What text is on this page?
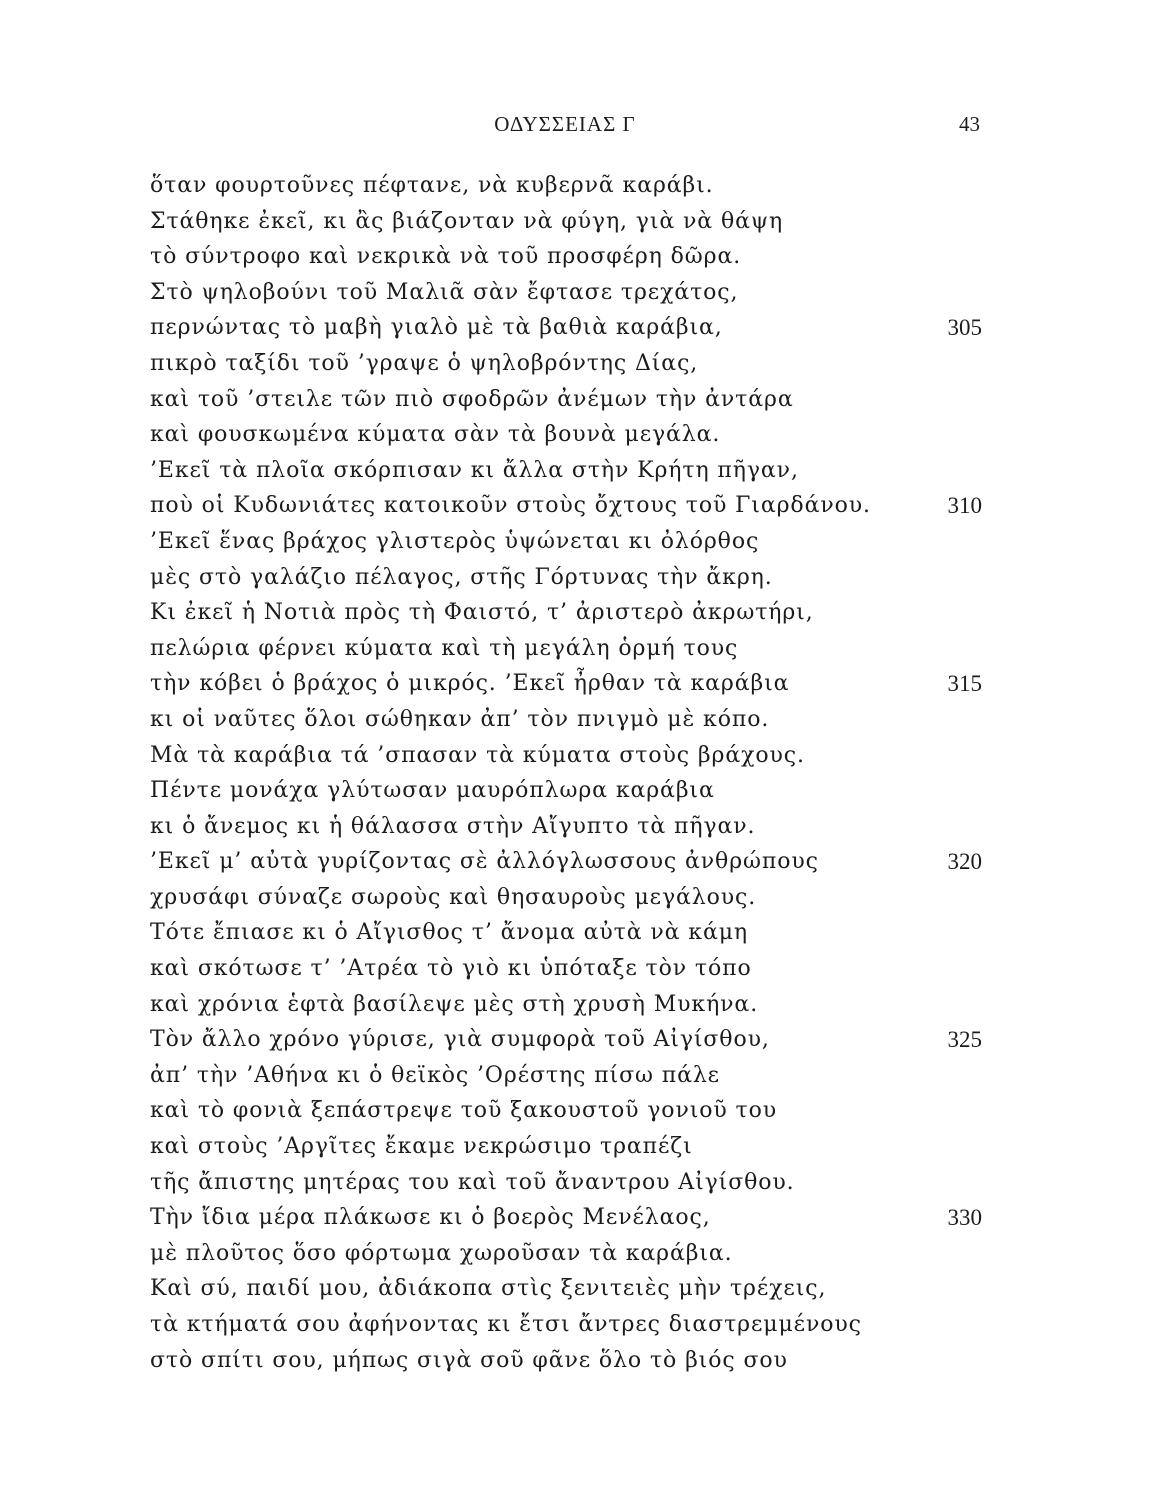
ΟΔΥΣΣΕΙΑΣ Γ	43
ὅταν φουρτοῦνες πέφτανε, νὰ κυβερνᾶ καράβι.
Στάθηκε ἐκεῖ, κι ἂς βιάζονταν νὰ φύγη, γιὰ νὰ θάψη
τὸ σύντροφο καὶ νεκρικὰ νὰ τοῦ προσφέρη δῶρα.
Στὸ ψηλοβούνι τοῦ Μαλιᾶ σὰν ἔφτασε τρεχάτος,
περνώντας τὸ μαβὴ γιαλὸ μὲ τὰ βαθιὰ καράβια,	305
πικρὸ ταξίδι τοῦ ’γραψε ὁ ψηλοβρόντης Δίας,
καὶ τοῦ ’στειλε τῶν πιὸ σφοδρῶν ἀνέμων τὴν ἀντάρα
καὶ φουσκωμένα κύματα σὰν τὰ βουνὰ μεγάλα.
’Εκεῖ τὰ πλοῖα σκόρπισαν κι ἄλλα στὴν Κρήτη πῆγαν,
ποὺ οἱ Κυδωνιάτες κατοικοῦν στοὺς ὄχτους τοῦ Γιαρδάνου.	310
’Εκεῖ ἕνας βράχος γλιστερὸς ὑψώνεται κι ὀλόρθος
μὲς στὸ γαλάζιο πέλαγος, στῆς Γόρτυνας τὴν ἄκρη.
Κι ἐκεῖ ἡ Νοτιὰ πρὸς τὴ Φαιστό, τ’ ἀριστερὸ ἀκρωτήρι,
πελώρια φέρνει κύματα καὶ τὴ μεγάλη ὁρμή τους
τὴν κόβει ὁ βράχος ὁ μικρός. ’Εκεῖ ἦρθαν τὰ καράβια	315
κι οἱ ναῦτες ὅλοι σώθηκαν ἀπ’ τὸν πνιγμὸ μὲ κόπο.
Μὰ τὰ καράβια τά ’σπασαν τὰ κύματα στοὺς βράχους.
Πέντε μονάχα γλύτωσαν μαυρόπλωρα καράβια
κι ὁ ἄνεμος κι ἡ θάλασσα στὴν Αἴγυπτο τὰ πῆγαν.
’Εκεῖ μ’ αὐτὰ γυρίζοντας σὲ ἀλλόγλωσσους ἀνθρώπους	320
χρυσάφι σύναζε σωροὺς καὶ θησαυροὺς μεγάλους.
Τότε ἔπιασε κι ὁ Αἴγισθος τ’ ἄνομα αὐτὰ νὰ κάμη
καὶ σκότωσε τ’ ’Ατρέα τὸ γιὸ κι ὑπόταξε τὸν τόπο
καὶ χρόνια ἑφτὰ βασίλεψε μὲς στὴ χρυσὴ Μυκήνα.
Τὸν ἄλλο χρόνο γύρισε, γιὰ συμφορὰ τοῦ Αἰγίσθου,	325
ἀπ’ τὴν ’Αθήνα κι ὁ θεϊκὸς ’Ορέστης πίσω πάλε
καὶ τὸ φονιὰ ξεπάστρεψε τοῦ ξακουστοῦ γονιοῦ του
καὶ στοὺς ’Αργῖτες ἔκαμε νεκρώσιμο τραπέζι
τῆς ἄπιστης μητέρας του καὶ τοῦ ἄναντρου Αἰγίσθου.
Τὴν ἴδια μέρα πλάκωσε κι ὁ βοερὸς Μενέλαος,	330
μὲ πλοῦτος ὅσο φόρτωμα χωροῦσαν τὰ καράβια.
Καὶ σύ, παιδί μου, ἀδιάκοπα στὶς ξενιτειὲς μὴν τρέχεις,
τὰ κτήματά σου ἀφήνοντας κι ἔτσι ἄντρες διαστρεμμένους
στὸ σπίτι σου, μήπως σιγὰ σοῦ φᾶνε ὅλο τὸ βιός σου
